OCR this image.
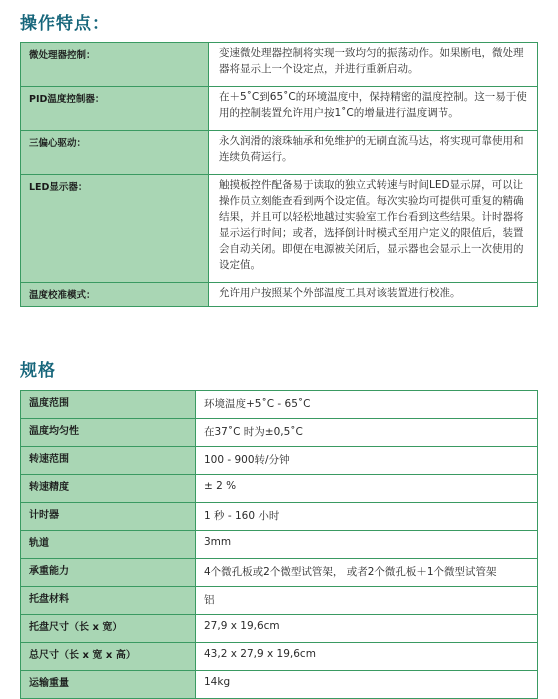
操作特点：
微处理器控制：	变速微处理器控制将实现一致均匀的振荡动作。如果断电，微处理器将显示上一个设定点，并进行重新启动。
PID温度控制器：	在＋5˚C到65˚C的环境温度中，保持精密的温度控制。这一易于使用的控制装置允许用户按1˚C的增量进行温度调节。
三偏心驱动：	永久润滑的滚珠轴承和免维护的无刷直流马达，将实现可靠使用和连续负荷运行。
LED显示器：	触摸板控件配备易于读取的独立式转速与时间LED显示屏，可以让操作员立刻能查看到两个设定值。每次实验均可提供可重复的精确结果，并且可以轻松地越过实验室工作台看到这些结果。计时器将显示运行时间；或者，选择倒计时模式至用户定义的限值后，装置会自动关闭。即便在电源被关闭后，显示器也会显示上一次使用的设定值。
温度校准模式：	允许用户按照某个外部温度工具对该装置进行校准。
规格
温度范围	环境温度+5˚C - 65˚C
温度均匀性	在37˚C 时为±0,5˚C
转速范围	100 - 900转/分钟
转速精度	± 2 %
计时器	1 秒 - 160 小时
轨道	3mm
承重能力	4个微孔板或2个微型试管架， 或者2个微孔板＋1个微型试管架
托盘材料	铝
托盘尺寸（长 x 宽）	27,9 x 19,6cm
总尺寸（长 x 宽 x 高）	43,2 x 27,9 x 19,6cm
运输重量	14kg
